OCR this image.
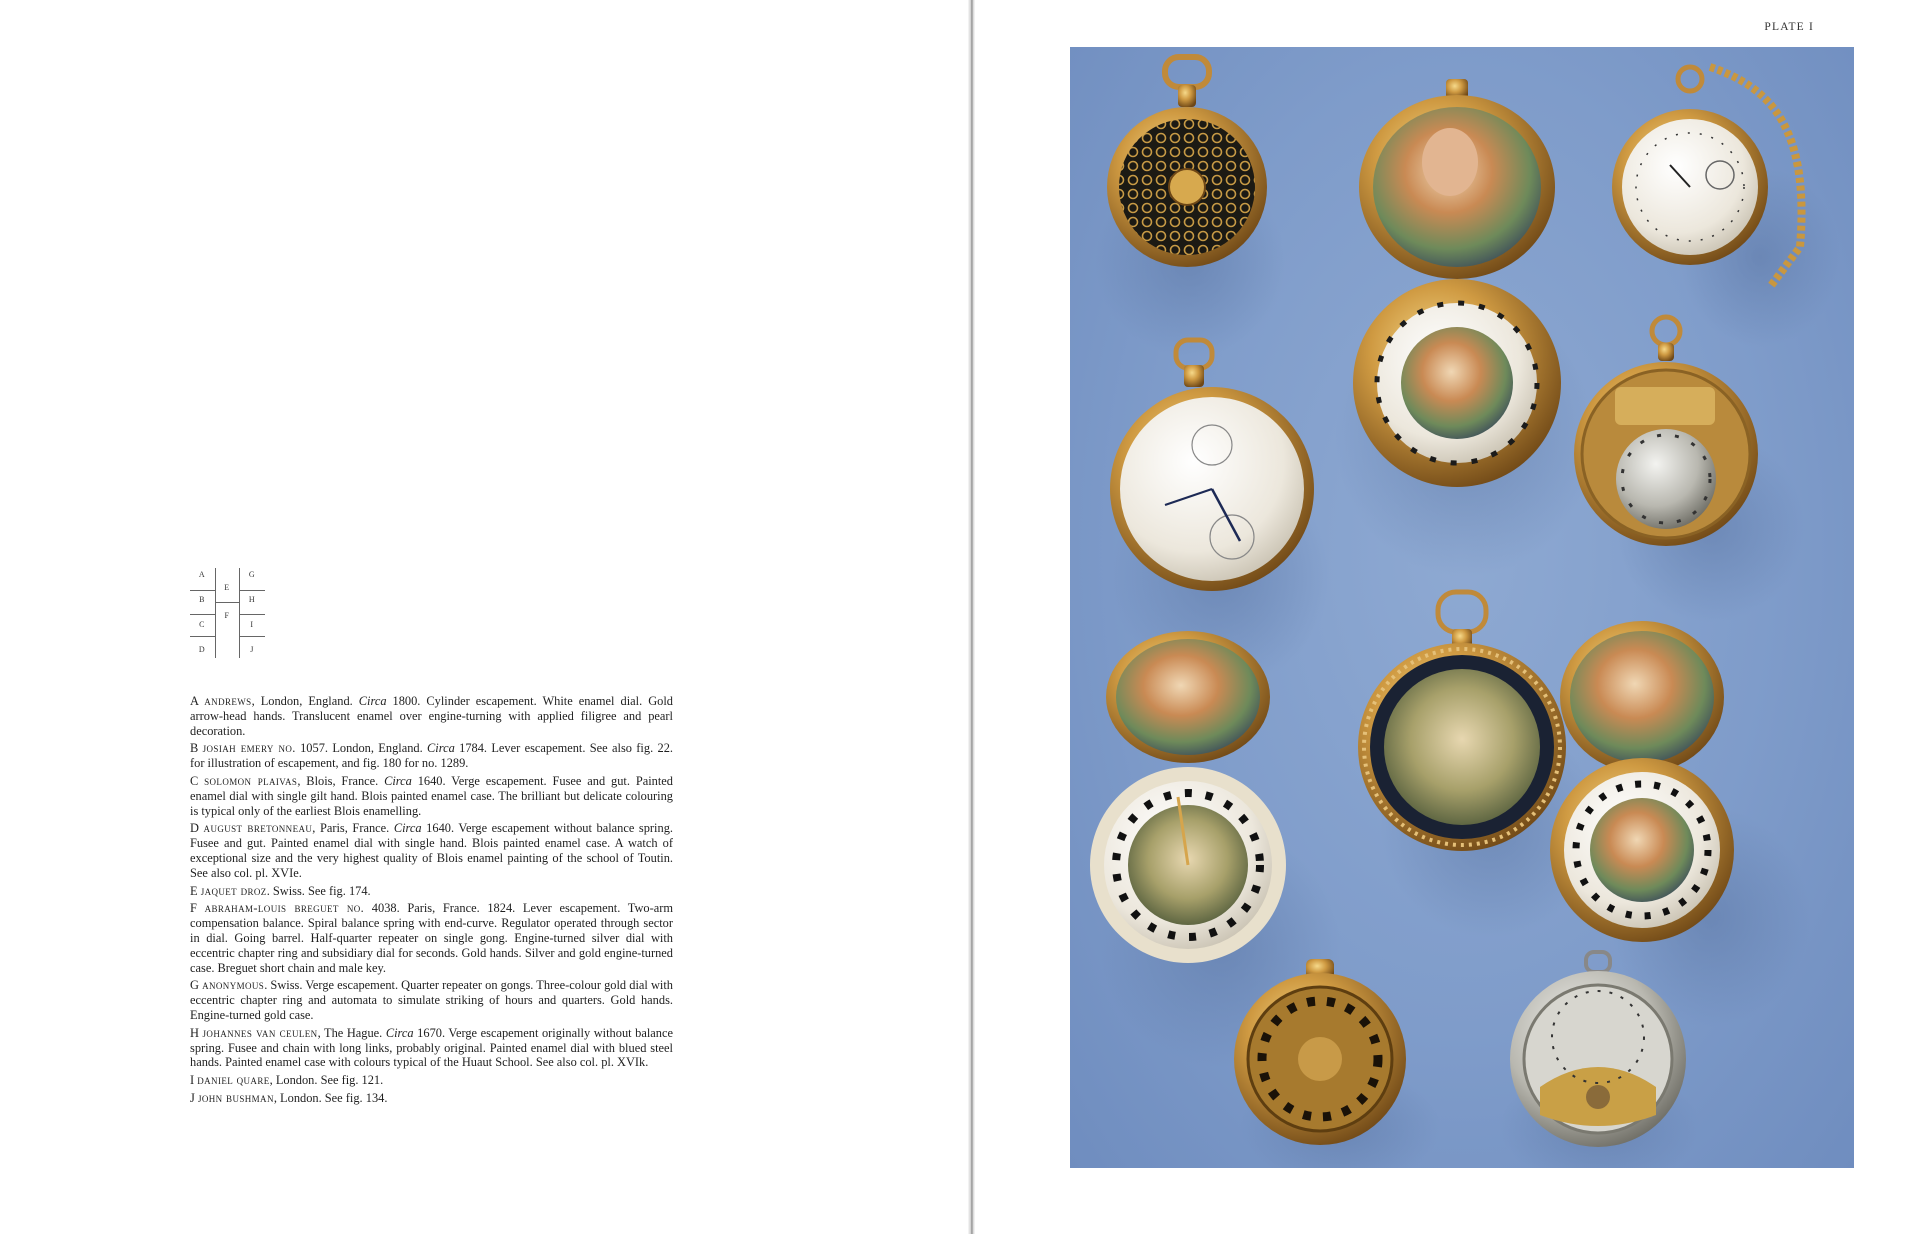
A
B
C
D
E
F
G
H
I
J

A andrews, London, England. Circa 1800. Cylinder escapement. White enamel dial. Gold arrow-head hands. Translucent enamel over engine-turning with applied filigree and pearl decoration.

B josiah emery no. 1057. London, England. Circa 1784. Lever escapement. See also fig. 22. for illustration of escapement, and fig. 180 for no. 1289.

C solomon plaivas, Blois, France. Circa 1640. Verge escapement. Fusee and gut. Painted enamel dial with single gilt hand. Blois painted enamel case. The brilliant but delicate colouring is typical only of the earliest Blois enamelling.

D august bretonneau, Paris, France. Circa 1640. Verge escapement without balance spring. Fusee and gut. Painted enamel dial with single hand. Blois painted enamel case. A watch of exceptional size and the very highest quality of Blois enamel painting of the school of Toutin. See also col. pl. XVIe.

E jaquet droz. Swiss. See fig. 174.

F abraham-louis breguet no. 4038. Paris, France. 1824. Lever escapement. Two-arm compensation balance. Spiral balance spring with end-curve. Regulator operated through sector in dial. Going barrel. Half-quarter repeater on single gong. Engine-turned silver dial with eccentric chapter ring and subsidiary dial for seconds. Gold hands. Silver and gold engine-turned case. Breguet short chain and male key.

G anonymous. Swiss. Verge escapement. Quarter repeater on gongs. Three-colour gold dial with eccentric chapter ring and automata to simulate striking of hours and quarters. Gold hands. Engine-turned gold case.

H johannes van ceulen, The Hague. Circa 1670. Verge escapement originally without balance spring. Fusee and chain with long links, probably original. Painted enamel dial with blued steel hands. Painted enamel case with colours typical of the Huaut School. See also col. pl. XVIk.

I daniel quare, London. See fig. 121.

J john bushman, London. See fig. 134.

PLATE I
